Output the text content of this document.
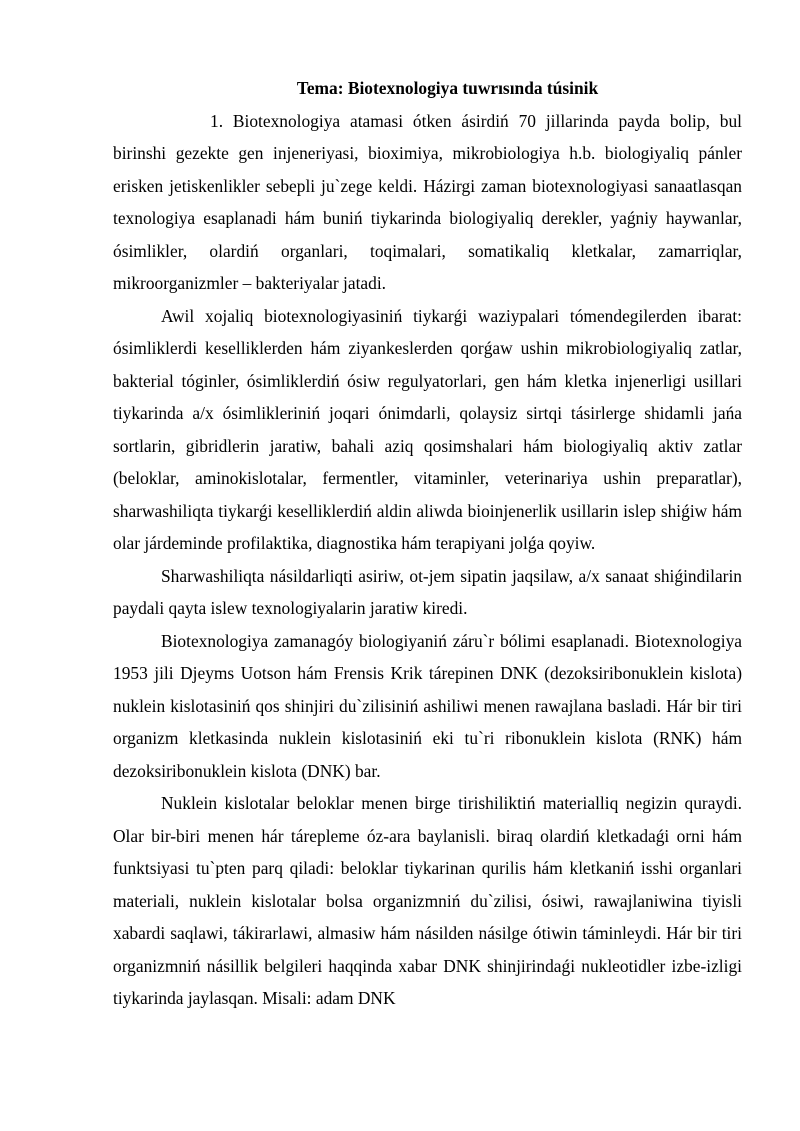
Tema: Biotexnologiya tuwrısında túsinik

1. Biotexnologiya atamasi ótken ásirdiń 70 jillarinda payda bolip, bul birinshi gezekte gen injeneriyasi, bioximiya, mikrobiologiya h.b. biologiyaliq pánler erisken jetiskenlikler sebepli ju`zege keldi. Házirgi zaman biotexnologiyasi sanaatlasqan texnologiya esaplanadi hám buniń tiykarinda biologiyaliq derekler, yaǵniy haywanlar, ósimlikler, olardiń organlari, toqimalari, somatikaliq kletkalar, zamarriqlar, mikroorganizmler – bakteriyalar jatadi.

Awil xojaliq biotexnologiyasiniń tiykarǵi waziypalari tómendegilerden ibarat: ósimliklerdi keselliklerden hám ziyankeslerden qorǵaw ushin mikrobiologiyaliq zatlar, bakterial tóginler, ósimliklerdiń ósiw regulyatorlari, gen hám kletka injenerligi usillari tiykarinda a/x ósimlikleriniń joqari ónimdarli, qolaysiz sirtqi tásirlerge shidamli jańa sortlarin, gibridlerin jaratiw, bahali aziq qosimshalari hám biologiyaliq aktiv zatlar (beloklar, aminokislotalar, fermentler, vitaminler, veterinariya ushin preparatlar), sharwashiliqta tiykarǵi keselliklerdiń aldin aliwda bioinjenerlik usillarin islep shiǵiw hám olar járdeminde profilaktika, diagnostika hám terapiyani jolǵa qoyiw.

Sharwashiliqta násildarliqti asiriw, ot-jem sipatin jaqsilaw, a/x sanaat shiǵindilarin paydali qayta islew texnologiyalarin jaratiw kiredi.

Biotexnologiya zamanagóy biologiyaniń záru`r bólimi esaplanadi. Biotexnologiya 1953 jili Djeyms Uotson hám Frensis Krik tárepinen DNK (dezoksiribonuklein kislota) nuklein kislotasiniń qos shinjiri du`zilisiniń ashiliwi menen rawajlana basladi. Hár bir tiri organizm kletkasinda nuklein kislotasiniń eki tu`ri ribonuklein kislota (RNK) hám dezoksiribonuklein kislota (DNK) bar.

Nuklein kislotalar beloklar menen birge tirishiliktiń materialliq negizin quraydi. Olar bir-biri menen hár tárepleme óz-ara baylanisli. biraq olardiń kletkadaǵi orni hám funktsiyasi tu`pten parq qiladi: beloklar tiykarinan qurilis hám kletkaniń isshi organlari materiali, nuklein kislotalar bolsa organizmniń du`zilisi, ósiwi, rawajlaniwina tiyisli xabardi saqlawi, tákirarlawi, almasiw hám násilden násilge ótiwin táminleydi. Hár bir tiri organizmniń násillik belgileri haqqinda xabar DNK shinjirindaǵi nukleotidler izbe-izligi tiykarinda jaylasqan. Misali: adam DNK
